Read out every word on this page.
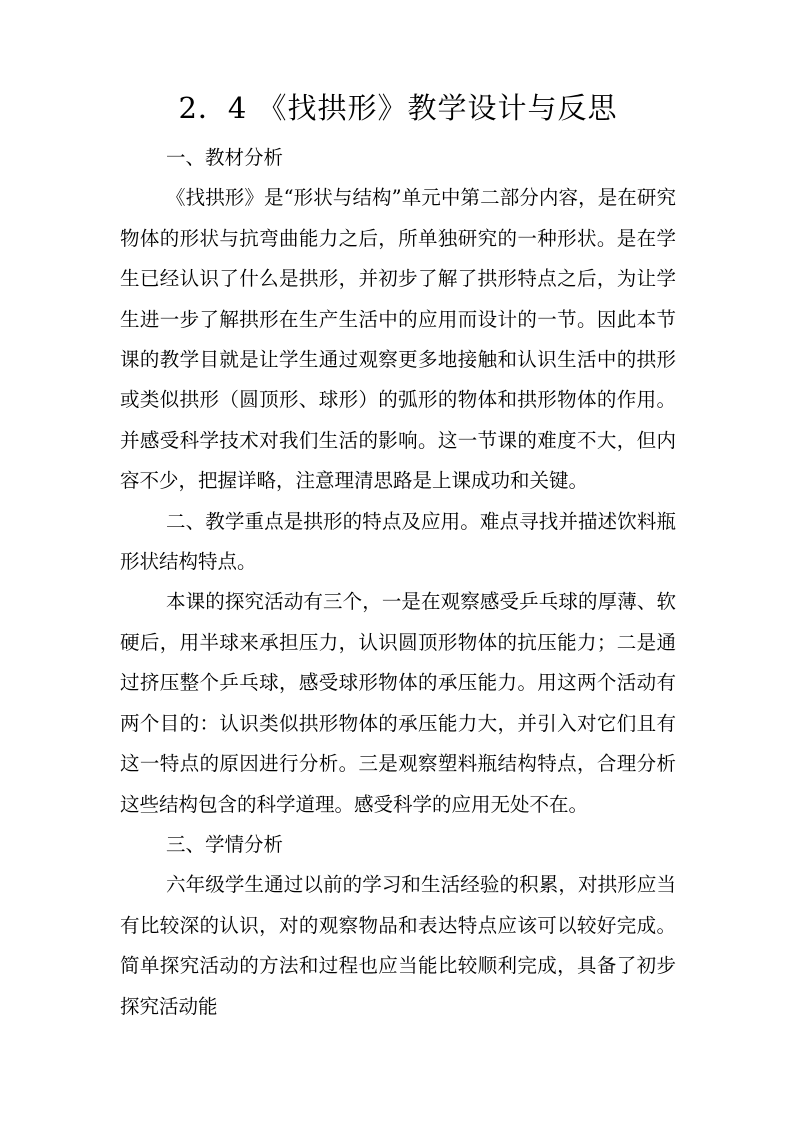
2．4 《找拱形》教学设计与反思

一、教材分析

《找拱形》是“形状与结构”单元中第二部分内容，是在研究物体的形状与抗弯曲能力之后，所单独研究的一种形状。是在学生已经认识了什么是拱形，并初步了解了拱形特点之后，为让学生进一步了解拱形在生产生活中的应用而设计的一节。因此本节课的教学目就是让学生通过观察更多地接触和认识生活中的拱形或类似拱形（圆顶形、球形）的弧形的物体和拱形物体的作用。并感受科学技术对我们生活的影响。这一节课的难度不大，但内容不少，把握详略，注意理清思路是上课成功和关键。

二、教学重点是拱形的特点及应用。难点寻找并描述饮料瓶形状结构特点。

本课的探究活动有三个，一是在观察感受乒乓球的厚薄、软硬后，用半球来承担压力，认识圆顶形物体的抗压能力；二是通过挤压整个乒乓球，感受球形物体的承压能力。用这两个活动有两个目的：认识类似拱形物体的承压能力大，并引入对它们且有这一特点的原因进行分析。三是观察塑料瓶结构特点，合理分析这些结构包含的科学道理。感受科学的应用无处不在。

三、学情分析

六年级学生通过以前的学习和生活经验的积累，对拱形应当有比较深的认识，对的观察物品和表达特点应该可以较好完成。简单探究活动的方法和过程也应当能比较顺利完成，具备了初步探究活动能
